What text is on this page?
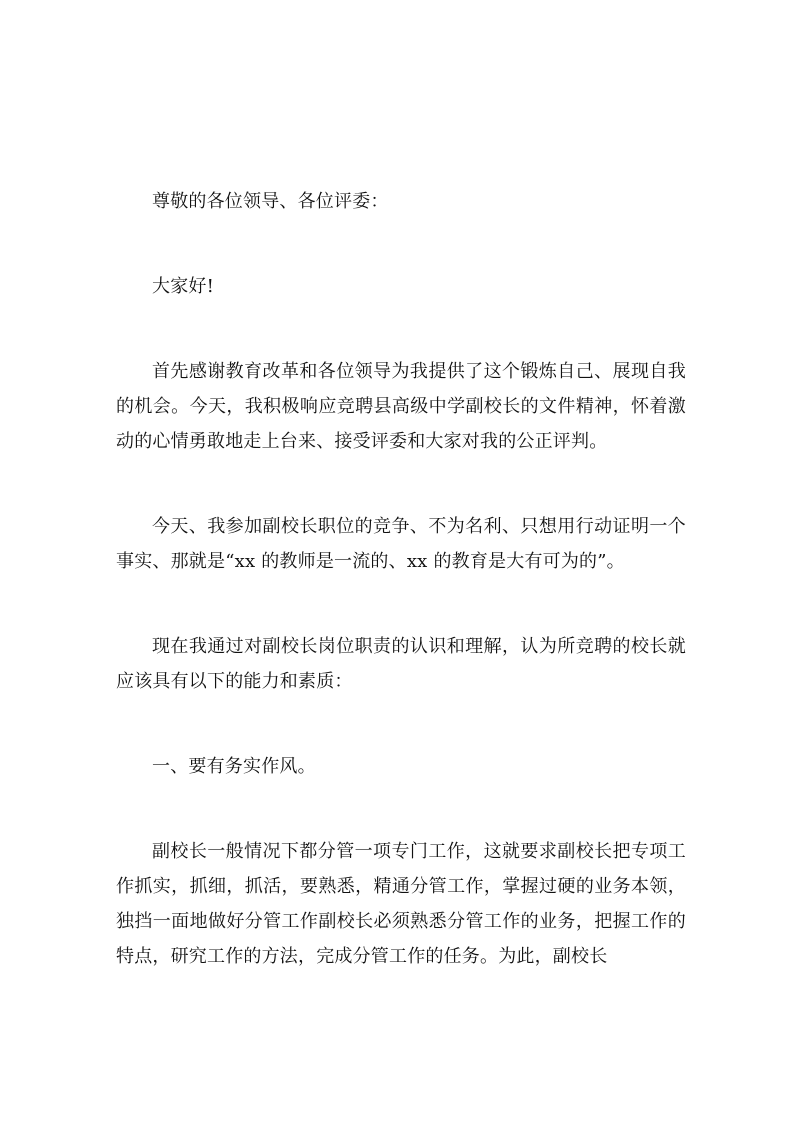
尊敬的各位领导、各位评委：

大家好!

首先感谢教育改革和各位领导为我提供了这个锻炼自己、展现自我的机会。今天，我积极响应竞聘县高级中学副校长的文件精神，怀着激动的心情勇敢地走上台来、接受评委和大家对我的公正评判。

今天、我参加副校长职位的竞争、不为名利、只想用行动证明一个事实、那就是“xx 的教师是一流的、xx 的教育是大有可为的”。

现在我通过对副校长岗位职责的认识和理解，认为所竞聘的校长就应该具有以下的能力和素质：

一、要有务实作风。

副校长一般情况下都分管一项专门工作，这就要求副校长把专项工作抓实，抓细，抓活，要熟悉，精通分管工作，掌握过硬的业务本领，独挡一面地做好分管工作副校长必须熟悉分管工作的业务，把握工作的特点，研究工作的方法，完成分管工作的任务。为此，副校长
